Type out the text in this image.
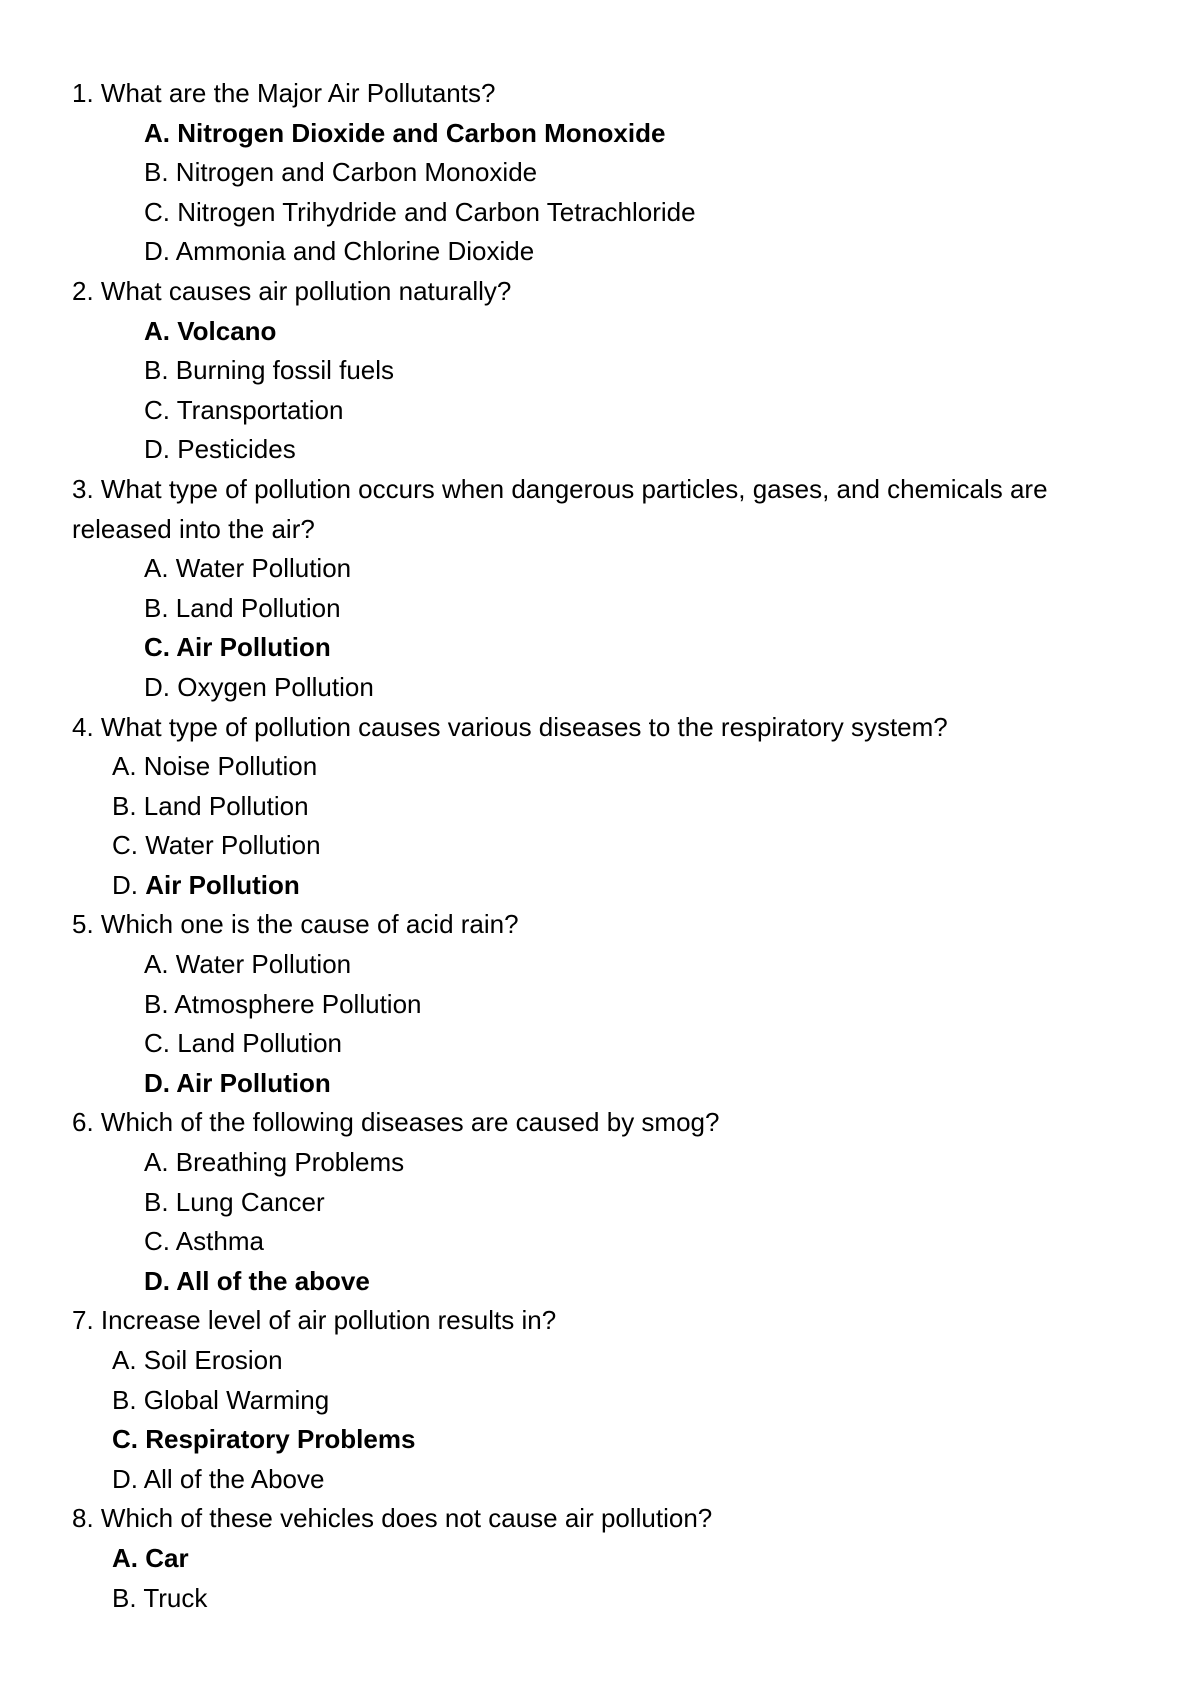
1. What are the Major Air Pollutants?
A. Nitrogen Dioxide and Carbon Monoxide
B. Nitrogen and Carbon Monoxide
C. Nitrogen Trihydride and Carbon Tetrachloride
D. Ammonia and Chlorine Dioxide
2. What causes air pollution naturally?
A. Volcano
B. Burning fossil fuels
C. Transportation
D. Pesticides
3. What type of pollution occurs when dangerous particles, gases, and chemicals are released into the air?
A. Water Pollution
B. Land Pollution
C. Air Pollution
D. Oxygen Pollution
4. What type of pollution causes various diseases to the respiratory system?
A. Noise Pollution
B. Land Pollution
C. Water Pollution
D. Air Pollution
5. Which one is the cause of acid rain?
A. Water Pollution
B. Atmosphere Pollution
C. Land Pollution
D. Air Pollution
6. Which of the following diseases are caused by smog?
A. Breathing Problems
B. Lung Cancer
C. Asthma
D. All of the above
7. Increase level of air pollution results in?
A. Soil Erosion
B. Global Warming
C. Respiratory Problems
D. All of the Above
8. Which of these vehicles does not cause air pollution?
A. Car
B. Truck
